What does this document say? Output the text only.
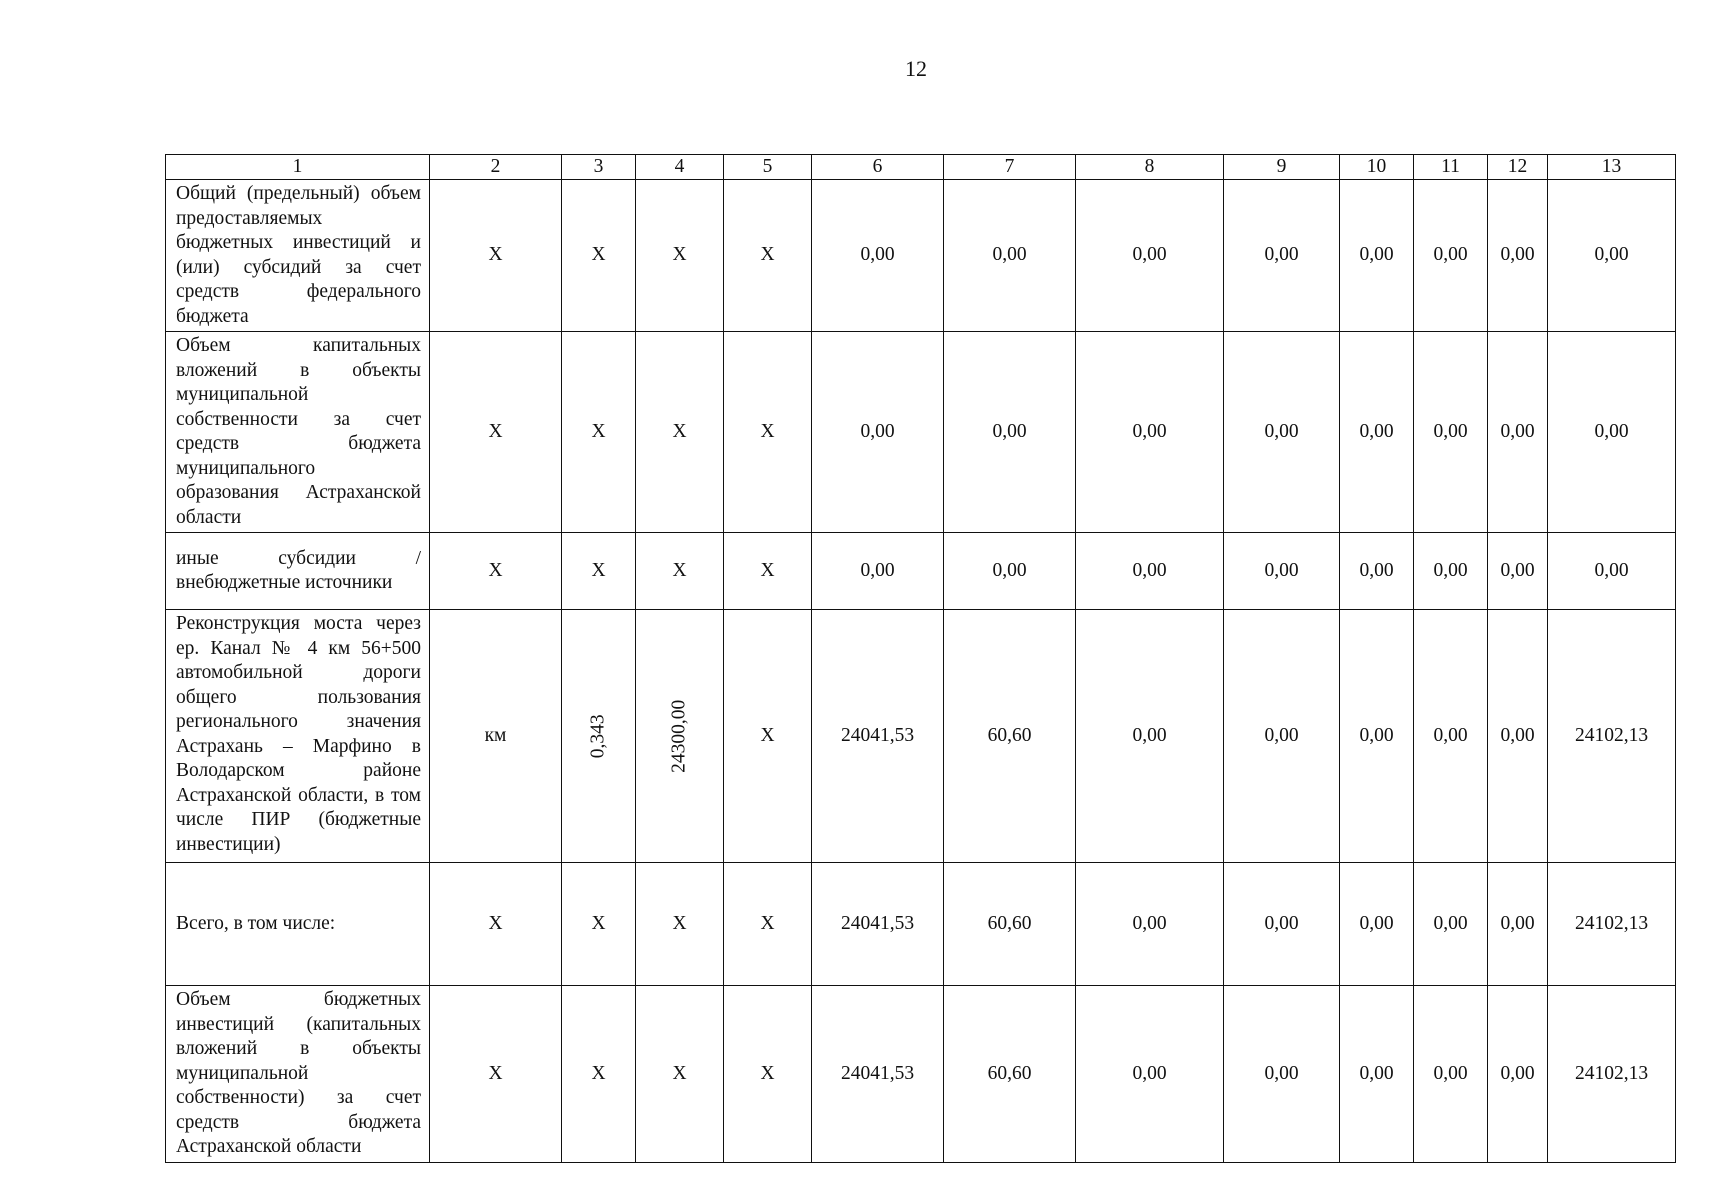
12
1	2	3	4	5	6	7	8	9	10	11	12	13
Общий (предельный) объем предоставляемых бюджетных инвестиций и (или) субсидий за счет средств федерального бюджета	Х	Х	Х	Х	0,00	0,00	0,00	0,00	0,00	0,00	0,00	0,00
Объем капитальных вложений в объекты муниципальной собственности за счет средств бюджета муниципального образования Астраханской области	Х	Х	Х	Х	0,00	0,00	0,00	0,00	0,00	0,00	0,00	0,00
иные субсидии / внебюджетные источники	Х	Х	Х	Х	0,00	0,00	0,00	0,00	0,00	0,00	0,00	0,00
Реконструкция моста через ер. Канал № 4 км 56+500 автомобильной дороги общего пользования регионального значения Астрахань – Марфино в Володарском районе Астраханской области, в том числе ПИР (бюджетные инвестиции)	км	0,343	24300,00	Х	24041,53	60,60	0,00	0,00	0,00	0,00	0,00	24102,13
Всего, в том числе:	Х	Х	Х	Х	24041,53	60,60	0,00	0,00	0,00	0,00	0,00	24102,13
Объем бюджетных инвестиций (капитальных вложений в объекты муниципальной собственности) за счет средств бюджета Астраханской области	Х	Х	Х	Х	24041,53	60,60	0,00	0,00	0,00	0,00	0,00	24102,13
